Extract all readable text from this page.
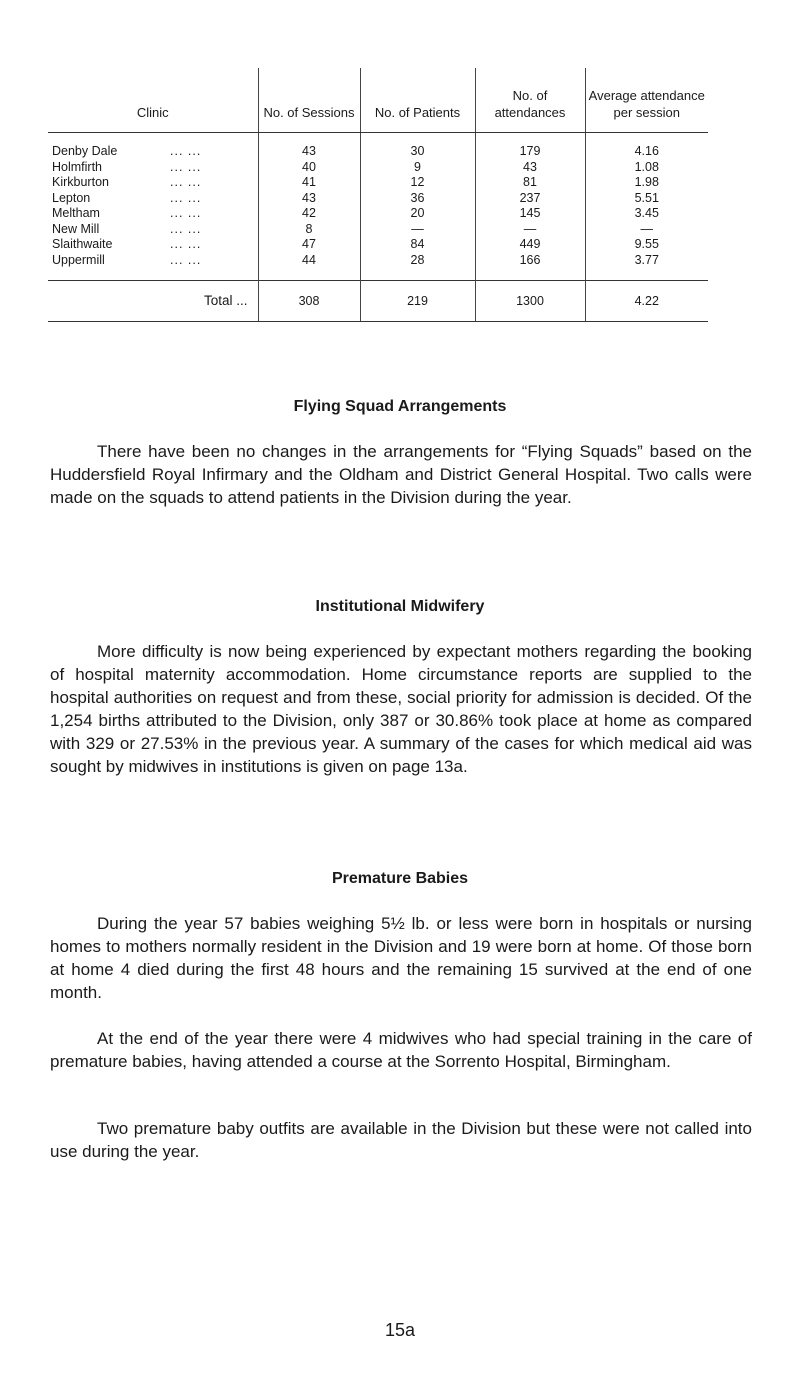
Clinic	No. of Sessions	No. of Patients	No. of attendances	Average attendance per session
Denby Dale ... ...	43	30	179	4.16
Holmfirth ... ...	40	9	43	1.08
Kirkburton ... ...	41	12	81	1.98
Lepton ... ...	43	36	237	5.51
Meltham ... ...	42	20	145	3.45
New Mill ... ...	8	—	—	—
Slaithwaite ... ...	47	84	449	9.55
Uppermill ... ...	44	28	166	3.77

Total ...	308	219	1300	4.22
Flying Squad Arrangements

There have been no changes in the arrangements for “Flying Squads” based on the Huddersfield Royal Infirmary and the Oldham and District General Hospital. Two calls were made on the squads to attend patients in the Division during the year.

Institutional Midwifery

More difficulty is now being experienced by expectant mothers regarding the booking of hospital maternity accommodation. Home circumstance reports are supplied to the hospital authorities on request and from these, social priority for admission is decided. Of the 1,254 births attributed to the Division, only 387 or 30.86% took place at home as compared with 329 or 27.53% in the previous year. A summary of the cases for which medical aid was sought by midwives in institutions is given on page 13a.

Premature Babies

During the year 57 babies weighing 5½ lb. or less were born in hospitals or nursing homes to mothers normally resident in the Division and 19 were born at home. Of those born at home 4 died during the first 48 hours and the remaining 15 survived at the end of one month.

At the end of the year there were 4 midwives who had special training in the care of premature babies, having attended a course at the Sorrento Hospital, Birmingham.

Two premature baby outfits are available in the Division but these were not called into use during the year.

15a
